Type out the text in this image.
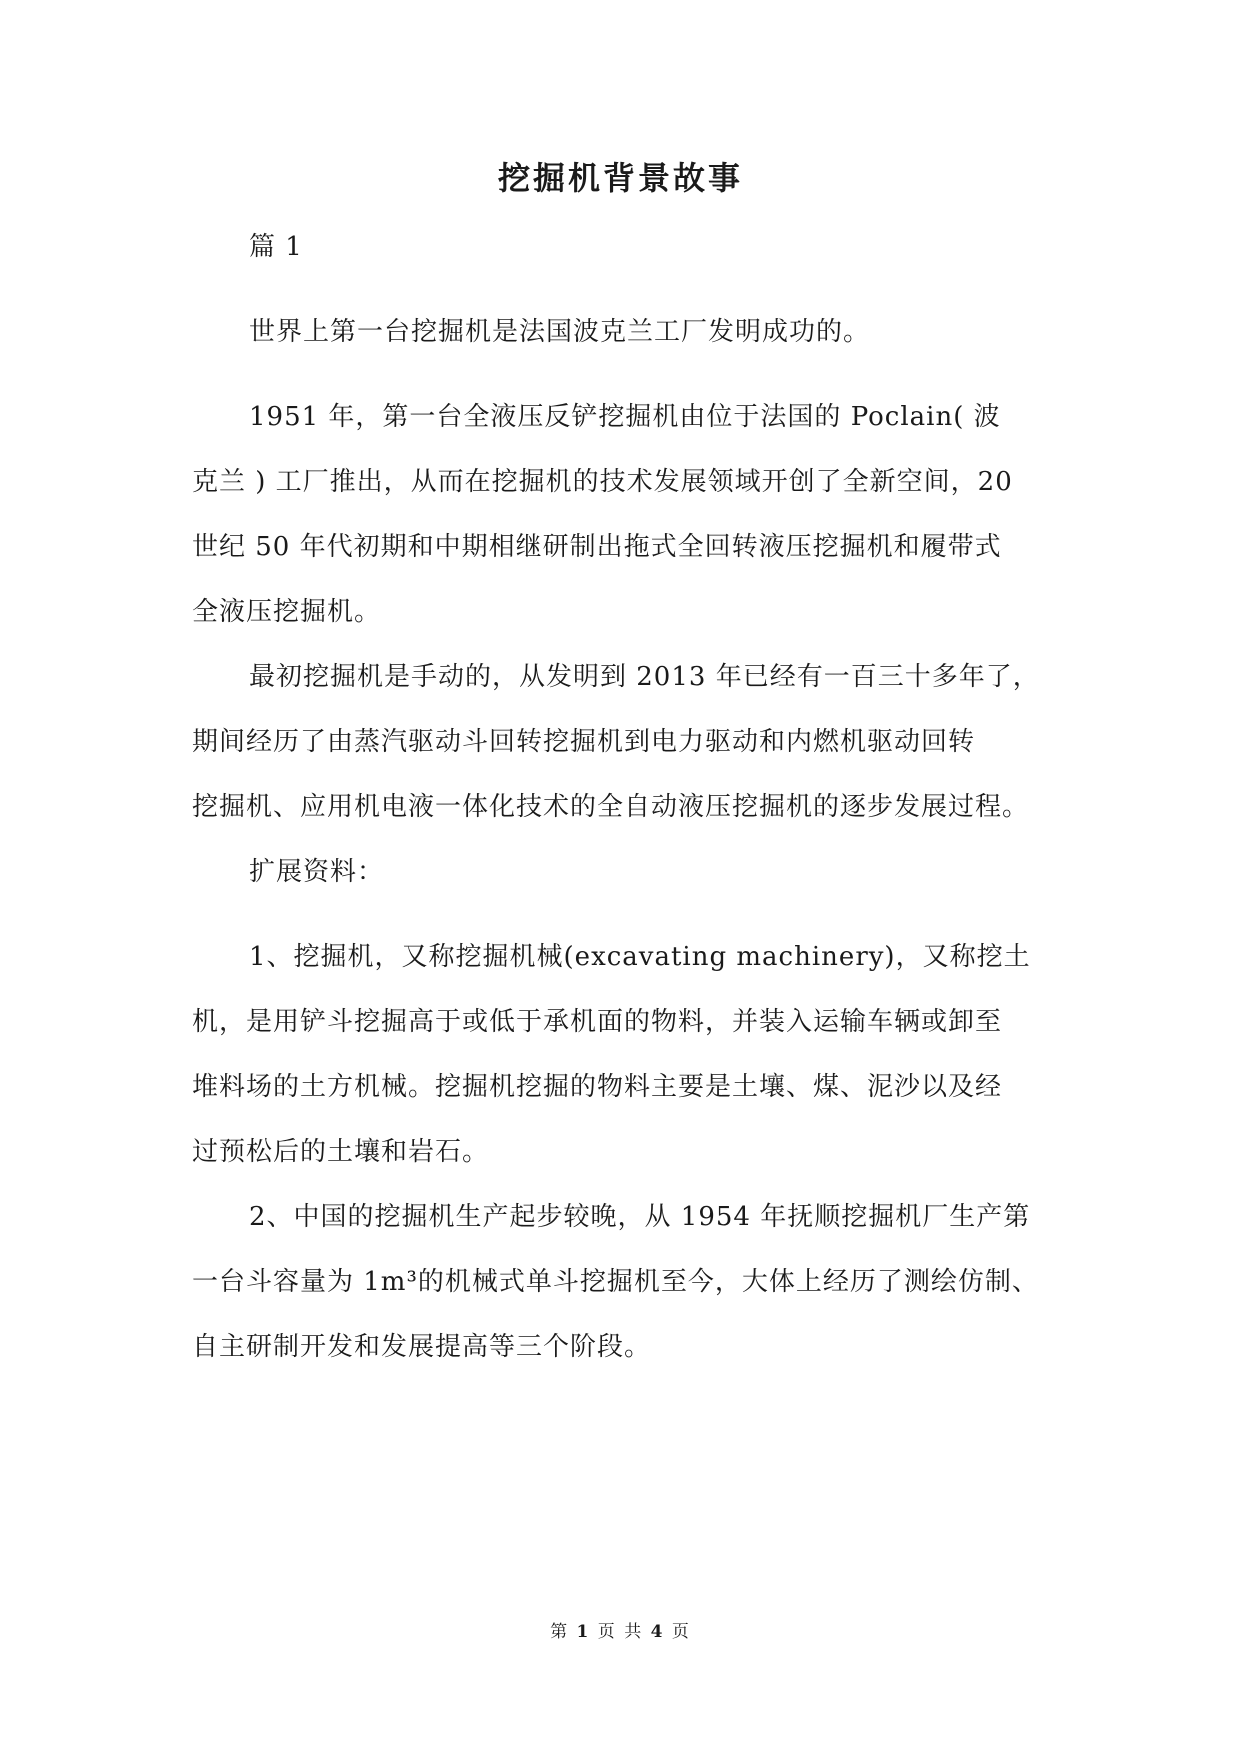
挖掘机背景故事
篇 1
世界上第一台挖掘机是法国波克兰工厂发明成功的。
1951 年，第一台全液压反铲挖掘机由位于法国的 Poclain( 波
克兰 ) 工厂推出，从而在挖掘机的技术发展领域开创了全新空间，20
世纪 50 年代初期和中期相继研制出拖式全回转液压挖掘机和履带式
全液压挖掘机。
最初挖掘机是手动的，从发明到 2013 年已经有一百三十多年了，
期间经历了由蒸汽驱动斗回转挖掘机到电力驱动和内燃机驱动回转
挖掘机、应用机电液一体化技术的全自动液压挖掘机的逐步发展过程。
扩展资料：
1、挖掘机，又称挖掘机械(excavating machinery)，又称挖土
机，是用铲斗挖掘高于或低于承机面的物料，并装入运输车辆或卸至
堆料场的土方机械。挖掘机挖掘的物料主要是土壤、煤、泥沙以及经
过预松后的土壤和岩石。
2、中国的挖掘机生产起步较晚，从 1954 年抚顺挖掘机厂生产第
一台斗容量为 1m³的机械式单斗挖掘机至今，大体上经历了测绘仿制、
自主研制开发和发展提高等三个阶段。
第 1 页 共 4 页
